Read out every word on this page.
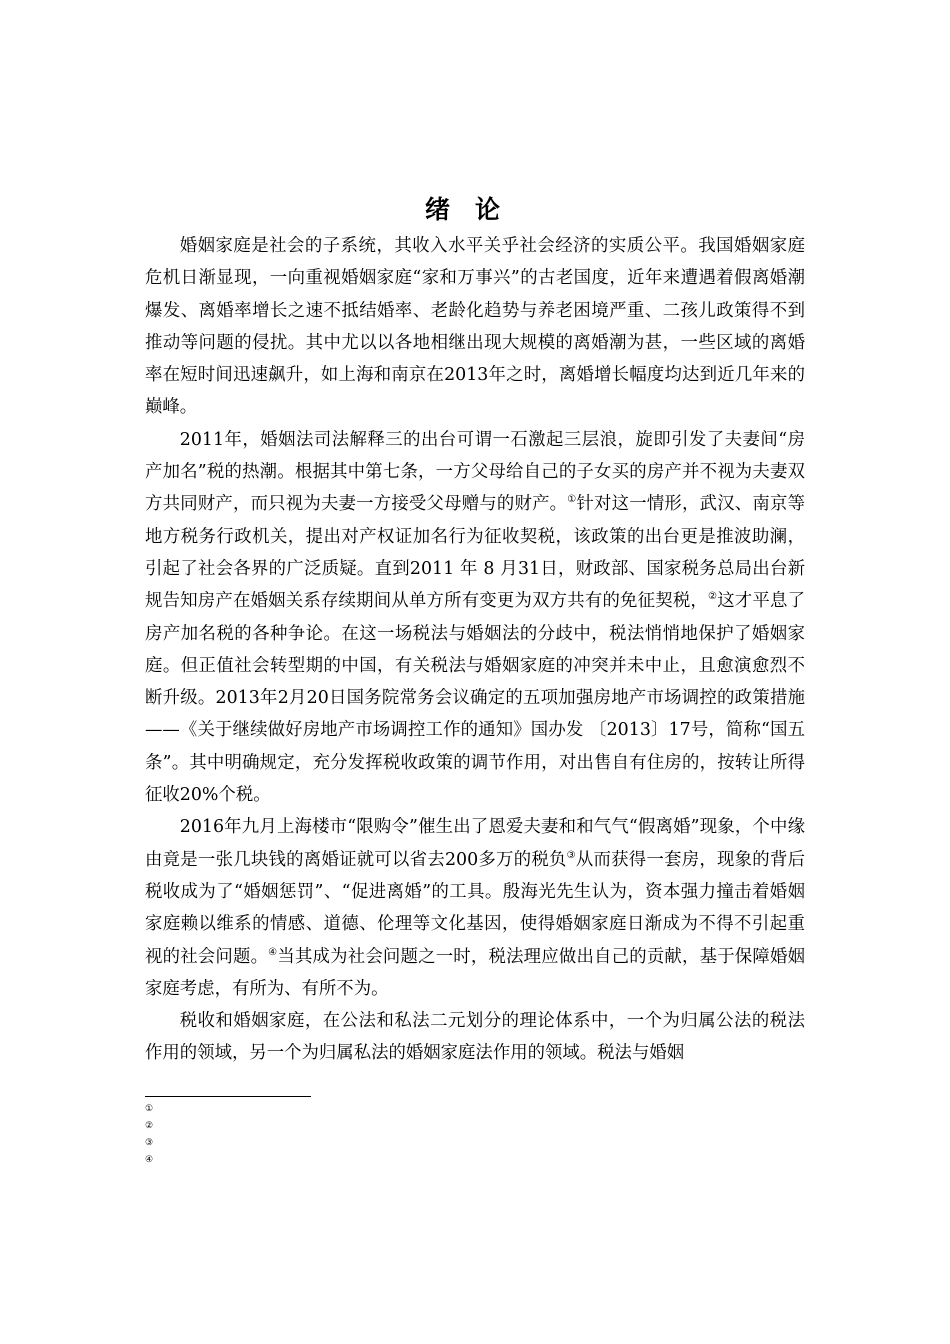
绪论

婚姻家庭是社会的子系统，其收入水平关乎社会经济的实质公平。我国婚姻家庭危机日渐显现，一向重视婚姻家庭“家和万事兴”的古老国度，近年来遭遇着假离婚潮爆发、离婚率增长之速不抵结婚率、老龄化趋势与养老困境严重、二孩儿政策得不到推动等问题的侵扰。其中尤以以各地相继出现大规模的离婚潮为甚，一些区域的离婚率在短时间迅速飙升，如上海和南京在2013年之时，离婚增长幅度均达到近几年来的巅峰。

2011年，婚姻法司法解释三的出台可谓一石激起三层浪，旋即引发了夫妻间“房产加名”税的热潮。根据其中第七条，一方父母给自己的子女买的房产并不视为夫妻双方共同财产，而只视为夫妻一方接受父母赠与的财产。①针对这一情形，武汉、南京等地方税务行政机关，提出对产权证加名行为征收契税，该政策的出台更是推波助澜，引起了社会各界的广泛质疑。直到2011 年 8 月31日，财政部、国家税务总局出台新规告知房产在婚姻关系存续期间从单方所有变更为双方共有的免征契税，②这才平息了房产加名税的各种争论。在这一场税法与婚姻法的分歧中，税法悄悄地保护了婚姻家庭。但正值社会转型期的中国，有关税法与婚姻家庭的冲突并未中止，且愈演愈烈不断升级。2013年2月20日国务院常务会议确定的五项加强房地产市场调控的政策措施——《关于继续做好房地产市场调控工作的通知》国办发 〔2013〕17号，简称“国五条”。其中明确规定，充分发挥税收政策的调节作用，对出售自有住房的，按转让所得征收20%个税。

2016年九月上海楼市“限购令”催生出了恩爱夫妻和和气气“假离婚”现象，个中缘由竟是一张几块钱的离婚证就可以省去200多万的税负③从而获得一套房，现象的背后税收成为了“婚姻惩罚”、“促进离婚”的工具。殷海光先生认为，资本强力撞击着婚姻家庭赖以维系的情感、道德、伦理等文化基因，使得婚姻家庭日渐成为不得不引起重视的社会问题。④当其成为社会问题之一时，税法理应做出自己的贡献，基于保障婚姻家庭考虑，有所为、有所不为。

税收和婚姻家庭，在公法和私法二元划分的理论体系中，一个为归属公法的税法作用的领域，另一个为归属私法的婚姻家庭法作用的领域。税法与婚姻

①
②
③
④
